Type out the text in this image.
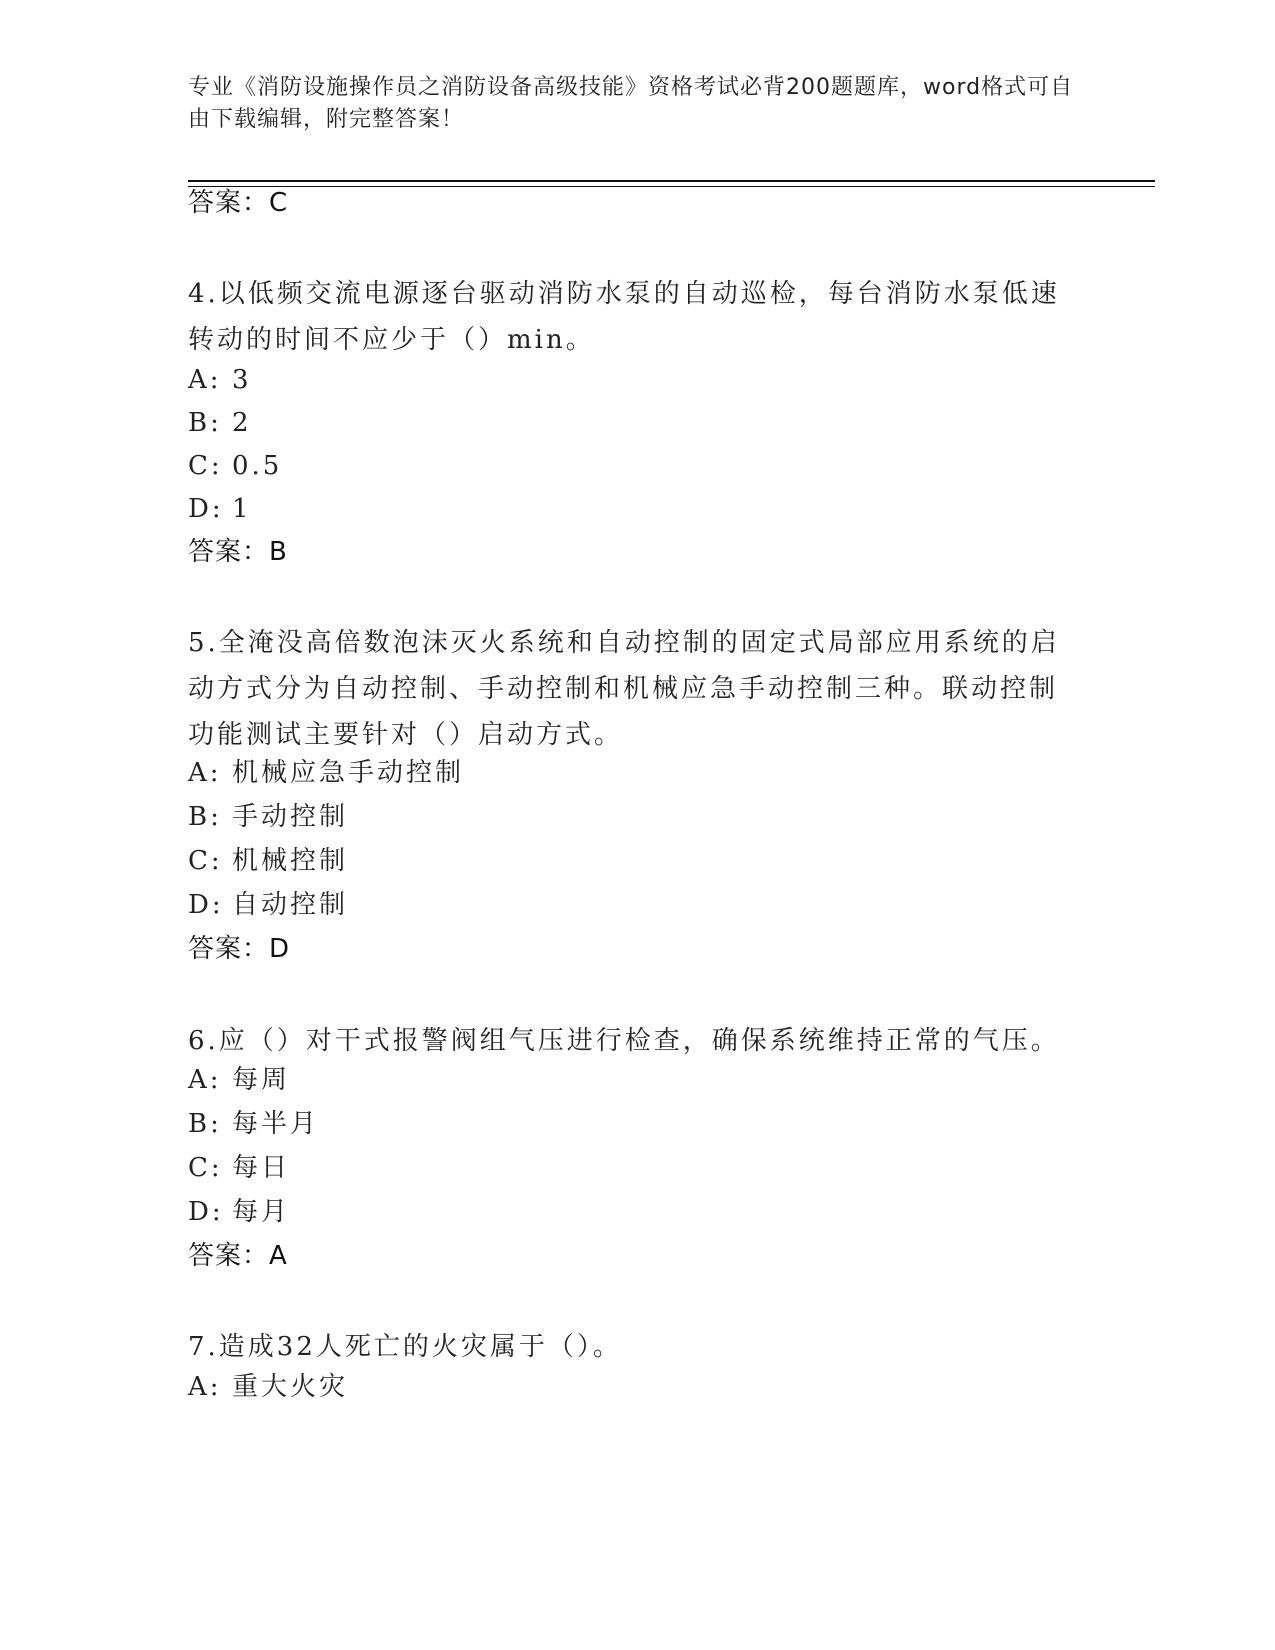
专业《消防设施操作员之消防设备高级技能》资格考试必背200题题库，word格式可自由下载编辑，附完整答案！
答案：C
4.以低频交流电源逐台驱动消防水泵的自动巡检，每台消防水泵低速转动的时间不应少于（）min。
A: 3
B: 2
C: 0.5
D: 1
答案：B
5.全淹没高倍数泡沫灭火系统和自动控制的固定式局部应用系统的启动方式分为自动控制、手动控制和机械应急手动控制三种。联动控制功能测试主要针对（）启动方式。
A: 机械应急手动控制
B: 手动控制
C: 机械控制
D: 自动控制
答案：D
6.应（）对干式报警阀组气压进行检查，确保系统维持正常的气压。
A: 每周
B: 每半月
C: 每日
D: 每月
答案：A
7.造成32人死亡的火灾属于（）。
A: 重大火灾
